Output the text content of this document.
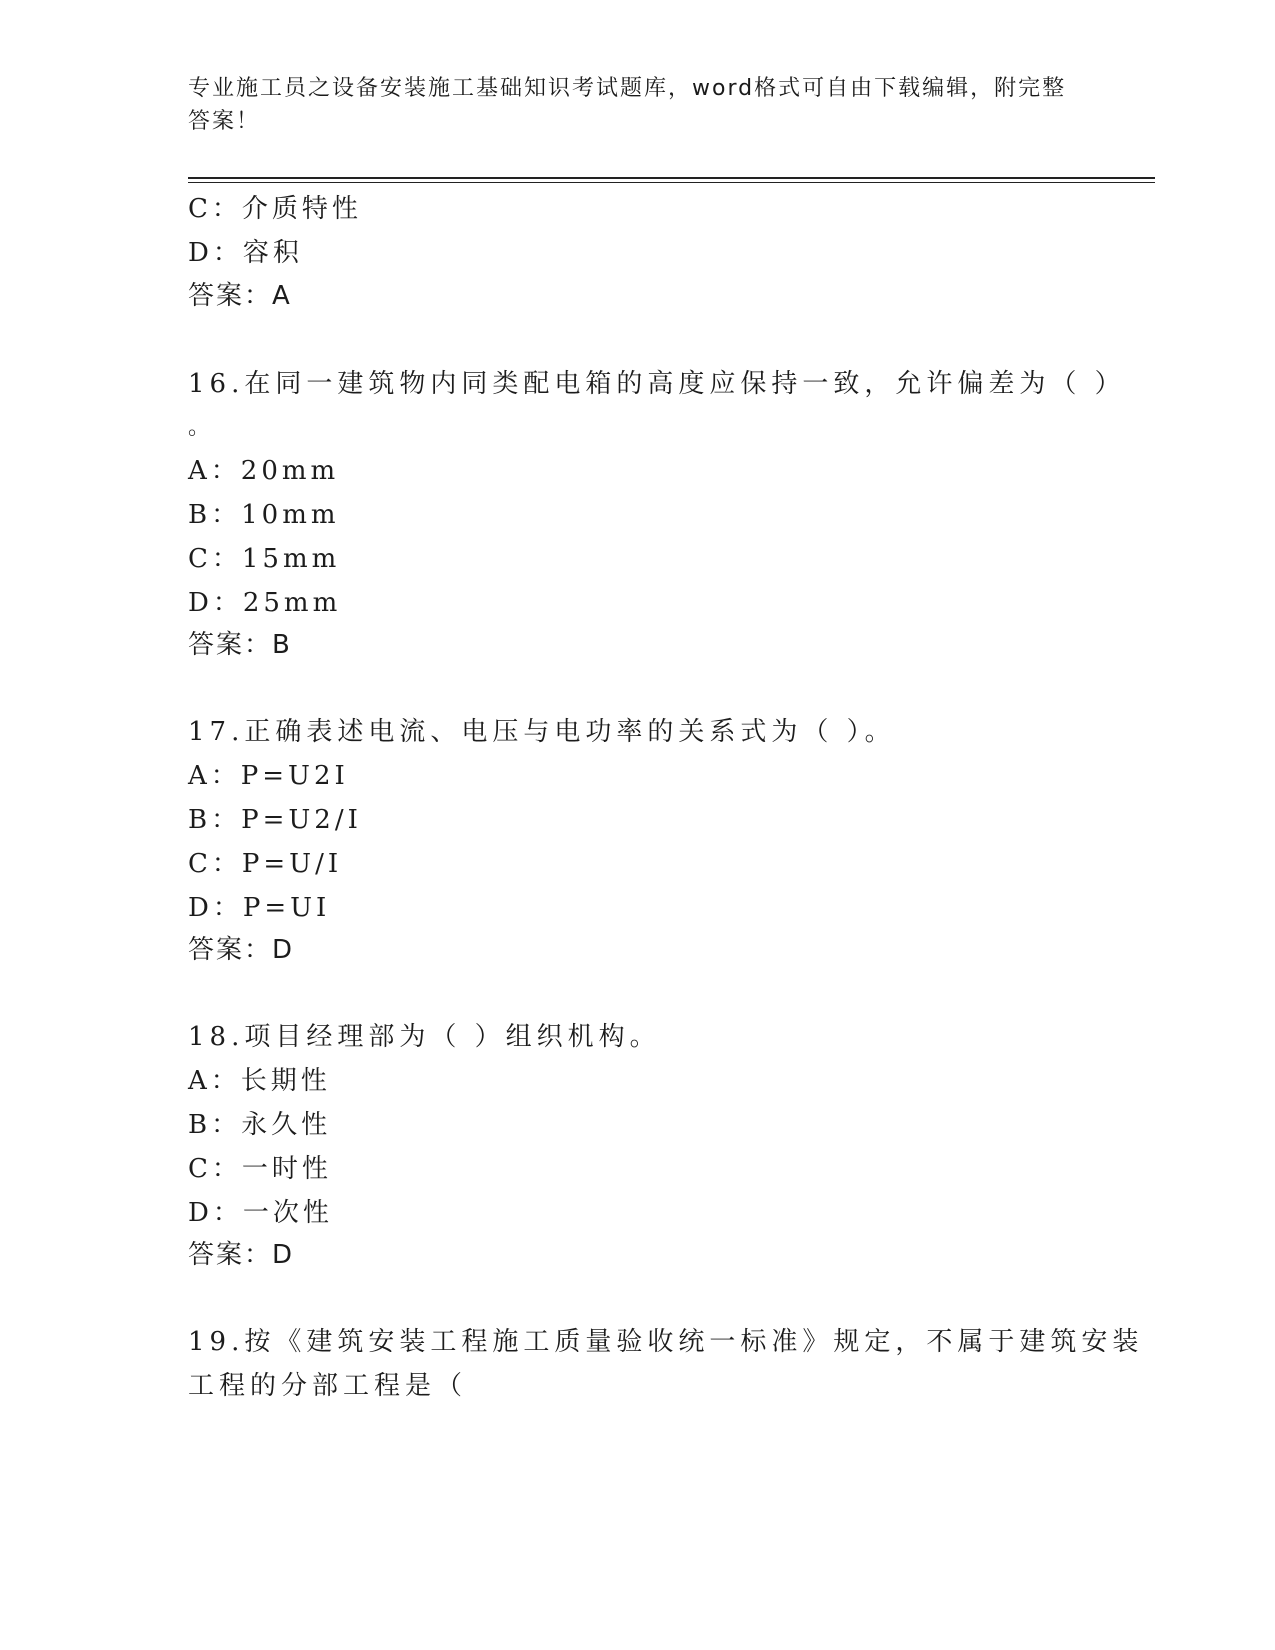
专业施工员之设备安装施工基础知识考试题库，word格式可自由下载编辑，附完整答案！
C：介质特性
D：容积
答案：A
16.在同一建筑物内同类配电箱的高度应保持一致，允许偏差为（ ）
。
A：20mm
B：10mm
C：15mm
D：25mm
答案：B
17.正确表述电流、电压与电功率的关系式为（ ）。
A：P=U2I
B：P=U2/I
C：P=U/I
D：P=UI
答案：D
18.项目经理部为（ ）组织机构。
A：长期性
B：永久性
C：一时性
D：一次性
答案：D
19.按《建筑安装工程施工质量验收统一标准》规定，不属于建筑安装
工程的分部工程是（
